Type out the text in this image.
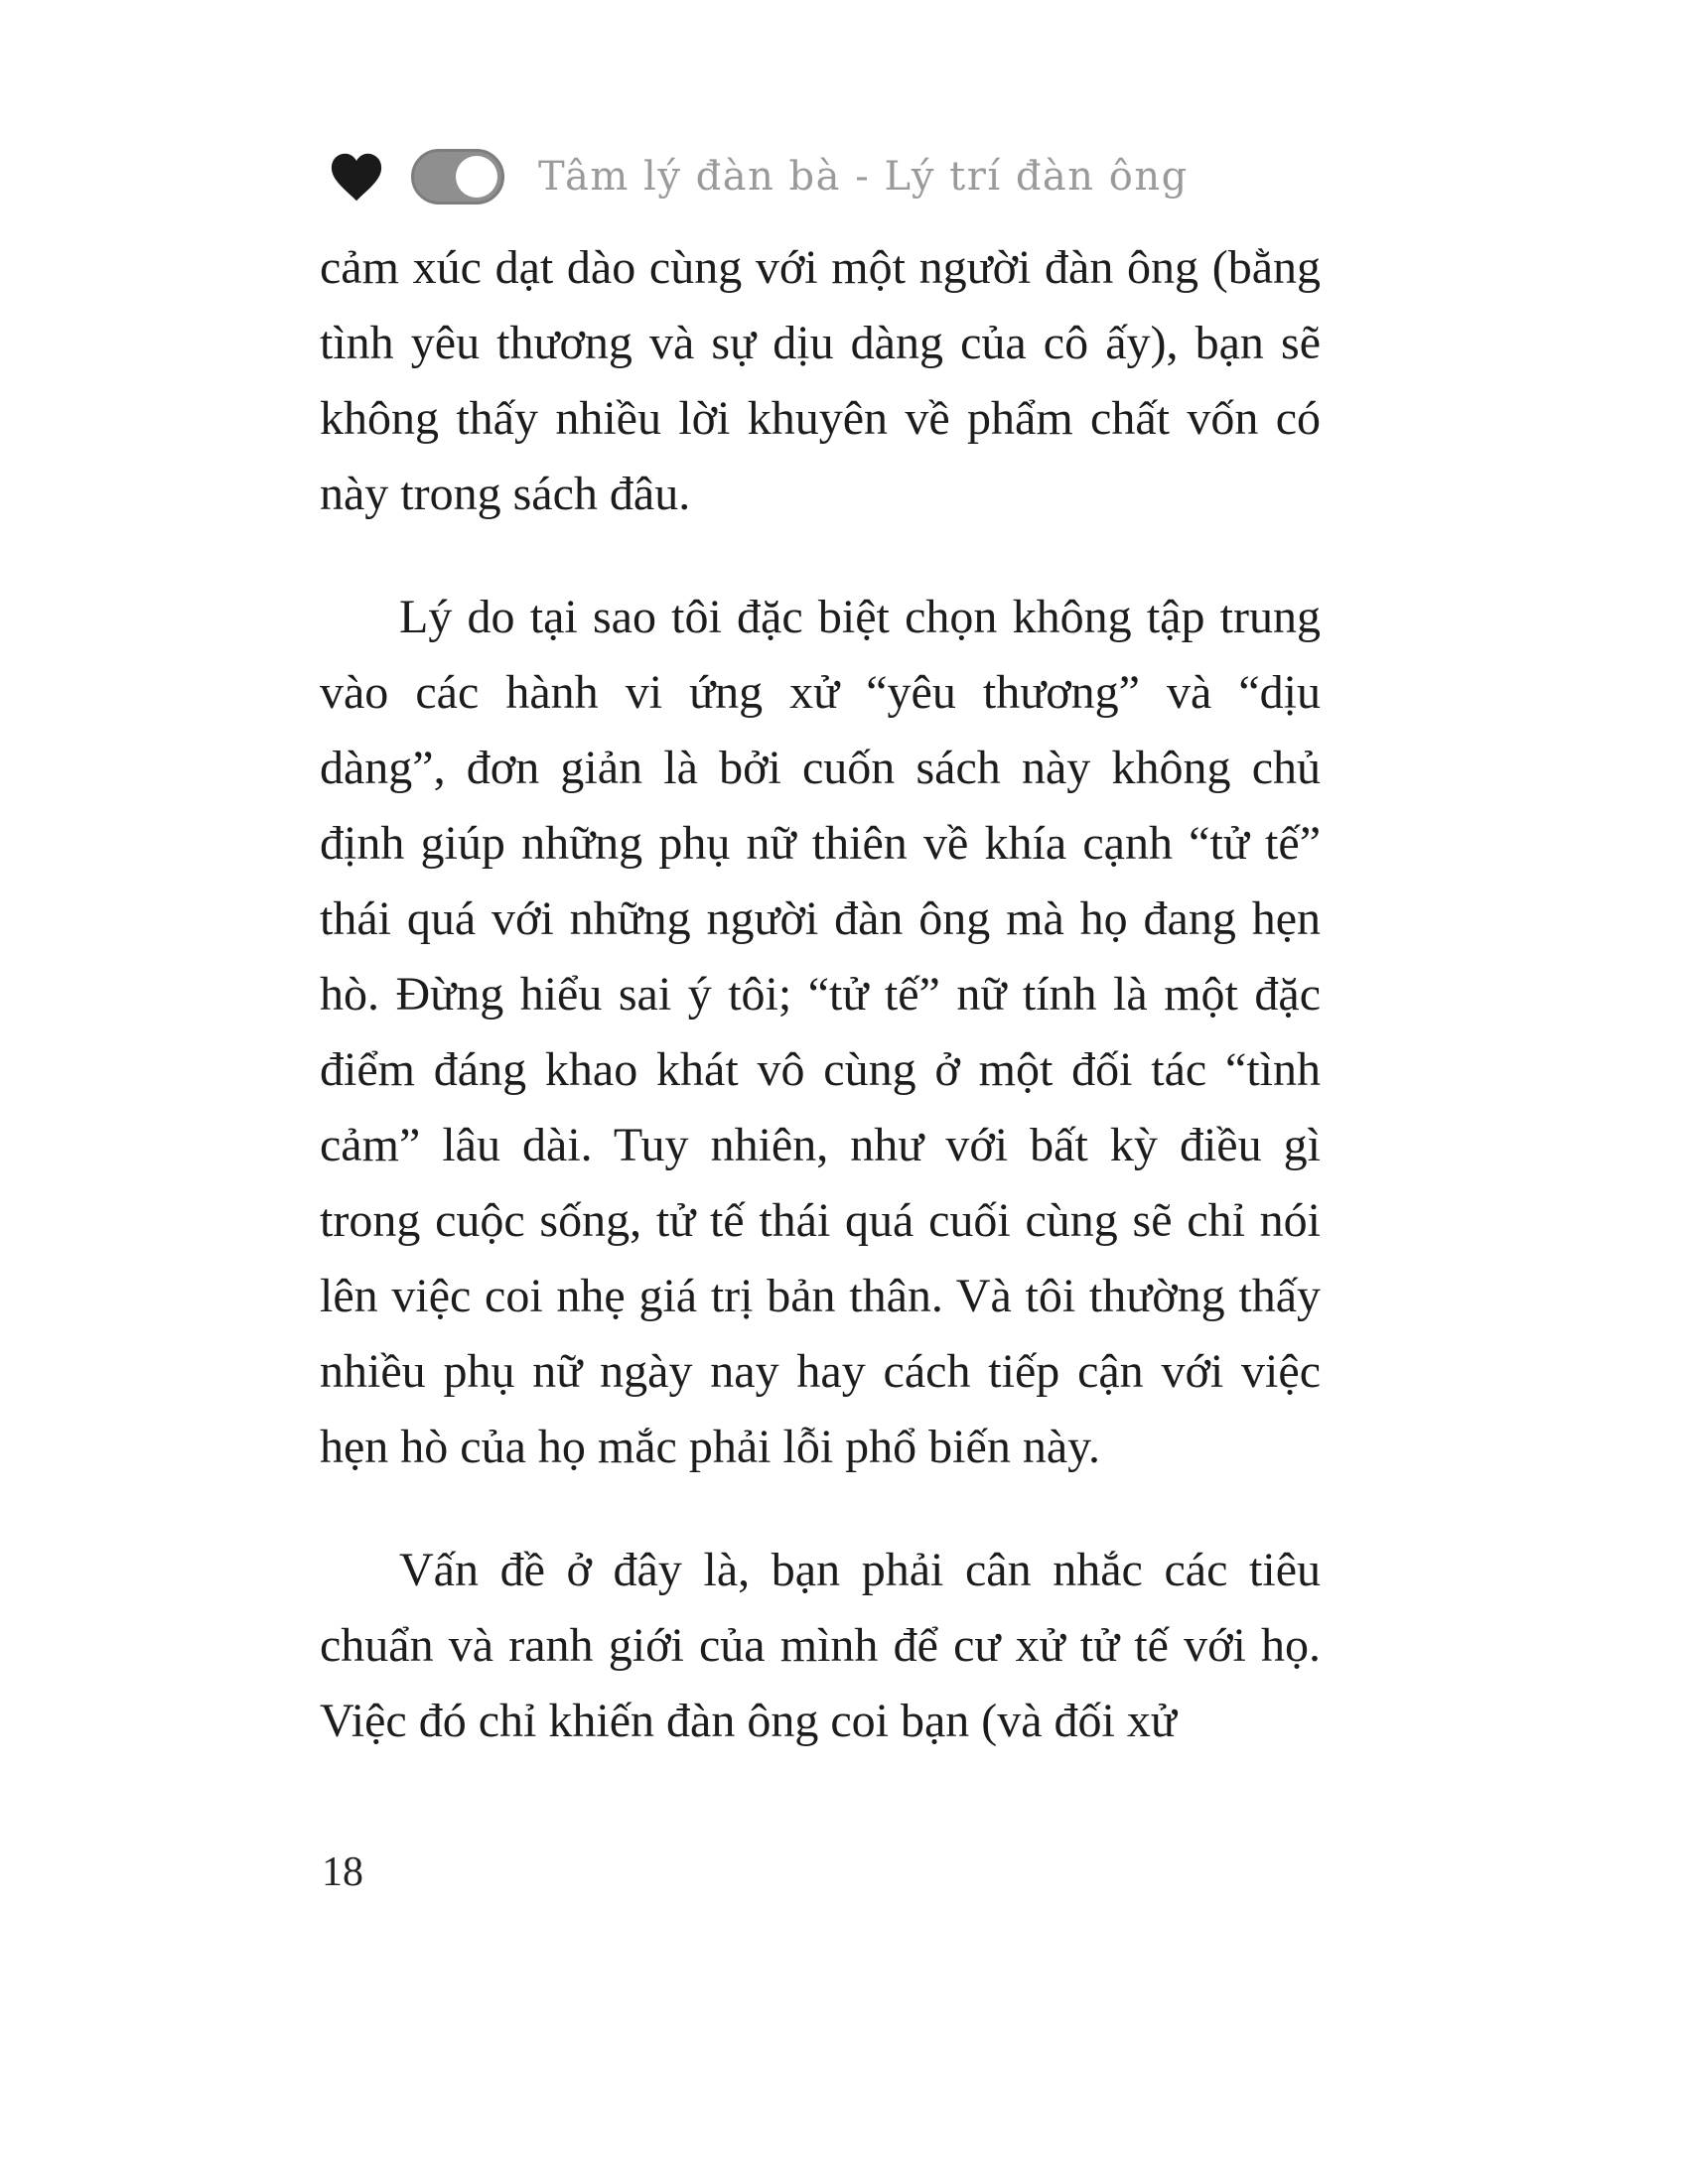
Tâm lý đàn bà - Lý trí đàn ông

cảm xúc dạt dào cùng với một người đàn ông (bằng tình yêu thương và sự dịu dàng của cô ấy), bạn sẽ không thấy nhiều lời khuyên về phẩm chất vốn có này trong sách đâu.

Lý do tại sao tôi đặc biệt chọn không tập trung vào các hành vi ứng xử “yêu thương” và “dịu dàng”, đơn giản là bởi cuốn sách này không chủ định giúp những phụ nữ thiên về khía cạnh “tử tế” thái quá với những người đàn ông mà họ đang hẹn hò. Đừng hiểu sai ý tôi; “tử tế” nữ tính là một đặc điểm đáng khao khát vô cùng ở một đối tác “tình cảm” lâu dài. Tuy nhiên, như với bất kỳ điều gì trong cuộc sống, tử tế thái quá cuối cùng sẽ chỉ nói lên việc coi nhẹ giá trị bản thân. Và tôi thường thấy nhiều phụ nữ ngày nay hay cách tiếp cận với việc hẹn hò của họ mắc phải lỗi phổ biến này.

Vấn đề ở đây là, bạn phải cân nhắc các tiêu chuẩn và ranh giới của mình để cư xử tử tế với họ. Việc đó chỉ khiến đàn ông coi bạn (và đối xử

18
